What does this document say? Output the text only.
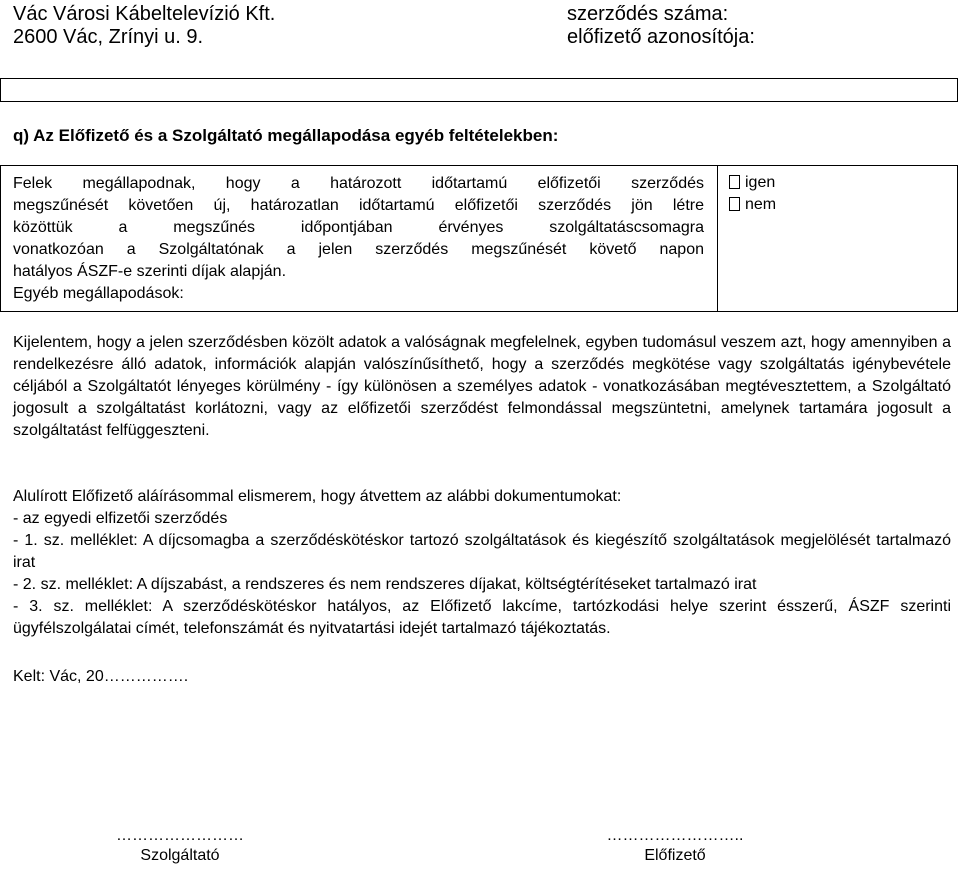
Vác Városi Kábeltelevízió Kft.
2600 Vác, Zrínyi u. 9.
szerződés száma:
előfizető azonosítója:
q) Az Előfizető és a Szolgáltató megállapodása egyéb feltételekben:
Felek megállapodnak, hogy a határozott időtartamú előfizetői szerződés
megszűnését követően új, határozatlan időtartamú előfizetői szerződés jön létre
közöttük a megszűnés időpontjában érvényes szolgáltatáscsomagra
vonatkozóan a Szolgáltatónak a jelen szerződés megszűnését követő napon
hatályos ÁSZF-e szerinti díjak alapján.
Egyéb megállapodások:
igen
nem
Kijelentem, hogy a jelen szerződésben közölt adatok a valóságnak megfelelnek, egyben tudomásul veszem azt, hogy amennyiben a rendelkezésre álló adatok, információk alapján valószínűsíthető, hogy a szerződés megkötése vagy szolgáltatás igénybevétele céljából a Szolgáltatót lényeges körülmény - így különösen a személyes adatok - vonatkozásában megtévesztettem, a Szolgáltató jogosult a szolgáltatást korlátozni, vagy az előfizetői szerződést felmondással megszüntetni, amelynek tartamára jogosult a szolgáltatást felfüggeszteni.
Alulírott Előfizető aláírásommal elismerem, hogy átvettem az alábbi dokumentumokat:
- az egyedi elfizetői szerződés
- 1. sz. melléklet: A díjcsomagba a szerződéskötéskor tartozó szolgáltatások és kiegészítő szolgáltatások megjelölését tartalmazó irat
- 2. sz. melléklet: A díjszabást, a rendszeres és nem rendszeres díjakat, költségtérítéseket tartalmazó irat
- 3. sz. melléklet: A szerződéskötéskor hatályos, az Előfizető lakcíme, tartózkodási helye szerint ésszerű, ÁSZF szerinti ügyfélszolgálatai címét, telefonszámát és nyitvatartási idejét tartalmazó tájékoztatás.
Kelt: Vác, 20…………….
……………………
Szolgáltató
……………………..
Előfizető
